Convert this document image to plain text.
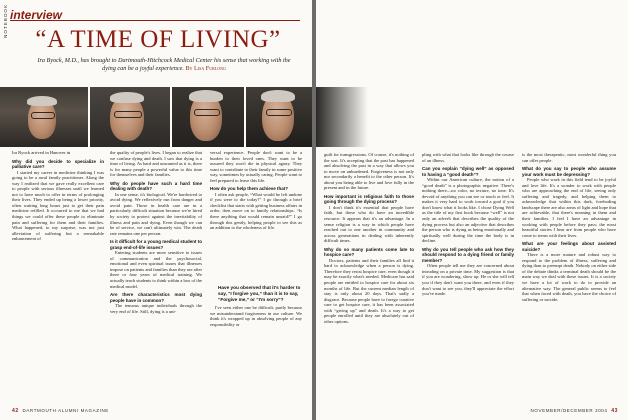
NOTEBOOK interview
“A TIME OF LIVING”
Ira Byock, M.D., has brought to Dartmouth-Hitchcock Medical Center his sense that working with the dying can be a joyful experience. By Lisa Furlong

Ira Byock arrived in Hanover in

Why did you decide to specialize in palliative care?

I started my career in medicine thinking I was going to be a rural family practitioner. Along the way I realized that we gave really excellent care to people with serious illnesses until we learned not to have much to offer in terms of prolonging their lives. They ended up being a lower priority, often waiting long hours just to get their pain medicine refilled. It occurred to me that we had things we could offer these people to eliminate pain and suffering for them and their families. What happened, to my surprise, was not just alleviation of suffering but a remarkable enhancement of

the quality of people's lives. I began to realize that we confuse dying and death. I saw that dying is a time of living. As hard and unwanted as it is, there is for many people a powerful value to this time for themselves and their families.

Why do people have such a hard time dealing with death?

In one sense, it's biological. We're hardwired to avoid dying. We reflexively run from danger and avoid pain. Those in health care are in a particularly difficult situation because we're hired by society to protect against the inevitability of illness and pain and dying. Even though we can be of service, we can't ultimately win. The death rate remains one per person.

Is it difficult for a young medical student to grasp end-of-life issues?

Entering students are more sensitive to issues of communication and the psychosocial, emotional and even spiritual issues that illnesses impose on patients and families than they are after three or four years of medical training. We actually teach students to think within a box of the medical model.

Are there characteristics most dying people have in common?

The tenuous unique individuals through the very end of life. Still, dying is a uni-

versal experience. People don't want to be a burden to their loved ones. They want to be assured they won't die in physical agony. They want to contribute to their family in some positive way, sometimes by actually caring. People want to feel prepared to leave this life.

How do you help them achieve that?

I often ask people, “What would be left undone if you were to die today?” I go through a brief checklist that starts with getting business affairs in order, then move on to family relationships. “Is there anything that would remain unsaid?” I go through this gently, helping people to see this as an addition to the wholeness of life.

Have you observed that it's harder to say, “I forgive you,” than it is to say, “Forgive me,” or “I'm sorry”?

I've seen either one be difficult, partly because we misunderstand forgiveness in our culture. We think it's wrapped up in absolving people of any responsibility or

42 DARTMOUTH ALUMNI MAGAZINE

guilt for transgressions. Of course, it's nothing of the sort. It's accepting that the past has happened and absolving the past in a way that allows you to move on unburdened. Forgiveness is not only nor secondarily a benefit to the other person. It's about you being able to live and love fully in the present and in the future.

How important is religious faith to those going through the dying process?

I don't think it's essential that people have faith, but those who do have an incredible resource. It appears that it's an advantage. In a sense religion is a way in which people have reached out to one another in community and across generations in dealing with inherently difficult times.

Why do so many patients come late to hospice care?

Doctors, patients and their families all find it hard to acknowledge when a person is dying. Therefore they resist hospice care, even though it may be exactly what's needed. Medicare has said people are entitled to hospice care for about six months of life. But the current median length of stay is only about 20 days. That's sadly a disgrace. Because people have to forego curative care to get hospice care, it has been associated with “giving up” and death. It's a way to get people enrolled until they are absolutely out of other options.

pling with what that looks like through the course of an illness.

Can you explain “dying well” as opposed to having a “good death”?

Within our American culture, the notion of a “good death” is a photographic negative. There's nothing there—no color, no texture, no tone. It's devoid of anything you can see or touch or feel. It makes it very hard to work toward a goal if you don't know what it looks like. I chose Dying Well as the title of my first book because “well” is not only an adverb that describes the quality of the dying process but also an adjective that describes the person who is dying as being emotionally and spiritually well during the time the body is in decline.

Why do you tell people who ask how they should respond to a dying friend or family member?

Often people tell me they are concerned about intruding on a private time. My suggestion is that if you are wondering, show up. He or she will tell you if they don't want you there, and even if they don't want to see you, they'll appreciate the effort you've made.

is the most therapeutic, most wonderful thing you can offer people.

What do you say to people who assume your work must be depressing?

People who work in this field tend to be joyful and love life. It's a wonder to work with people who are approaching the end of life, seeing only suffering and tragedy, and helping them to acknowledge that within this dark, foreboding landscape there are also areas of light and hope that are achievable, that there's meaning in them and their families. I feel I have an advantage in working with people before they pass; the most beautiful stories I hear are from people who have come to terms with their lives.

What are your feelings about assisted suicide?

There is a more mature and robust way to respond to the problem of illness, suffering and dying than to preempt death. Nobody on either side of the debate thinks a terminal death should be the main way we deal with these issues. It is a society we have a lot of work to do to provide an alternative way. The general public seems to feel that when faced with death, you have the choice of suffering or suicide.

NOVEMBER/DECEMBER 2004 43
